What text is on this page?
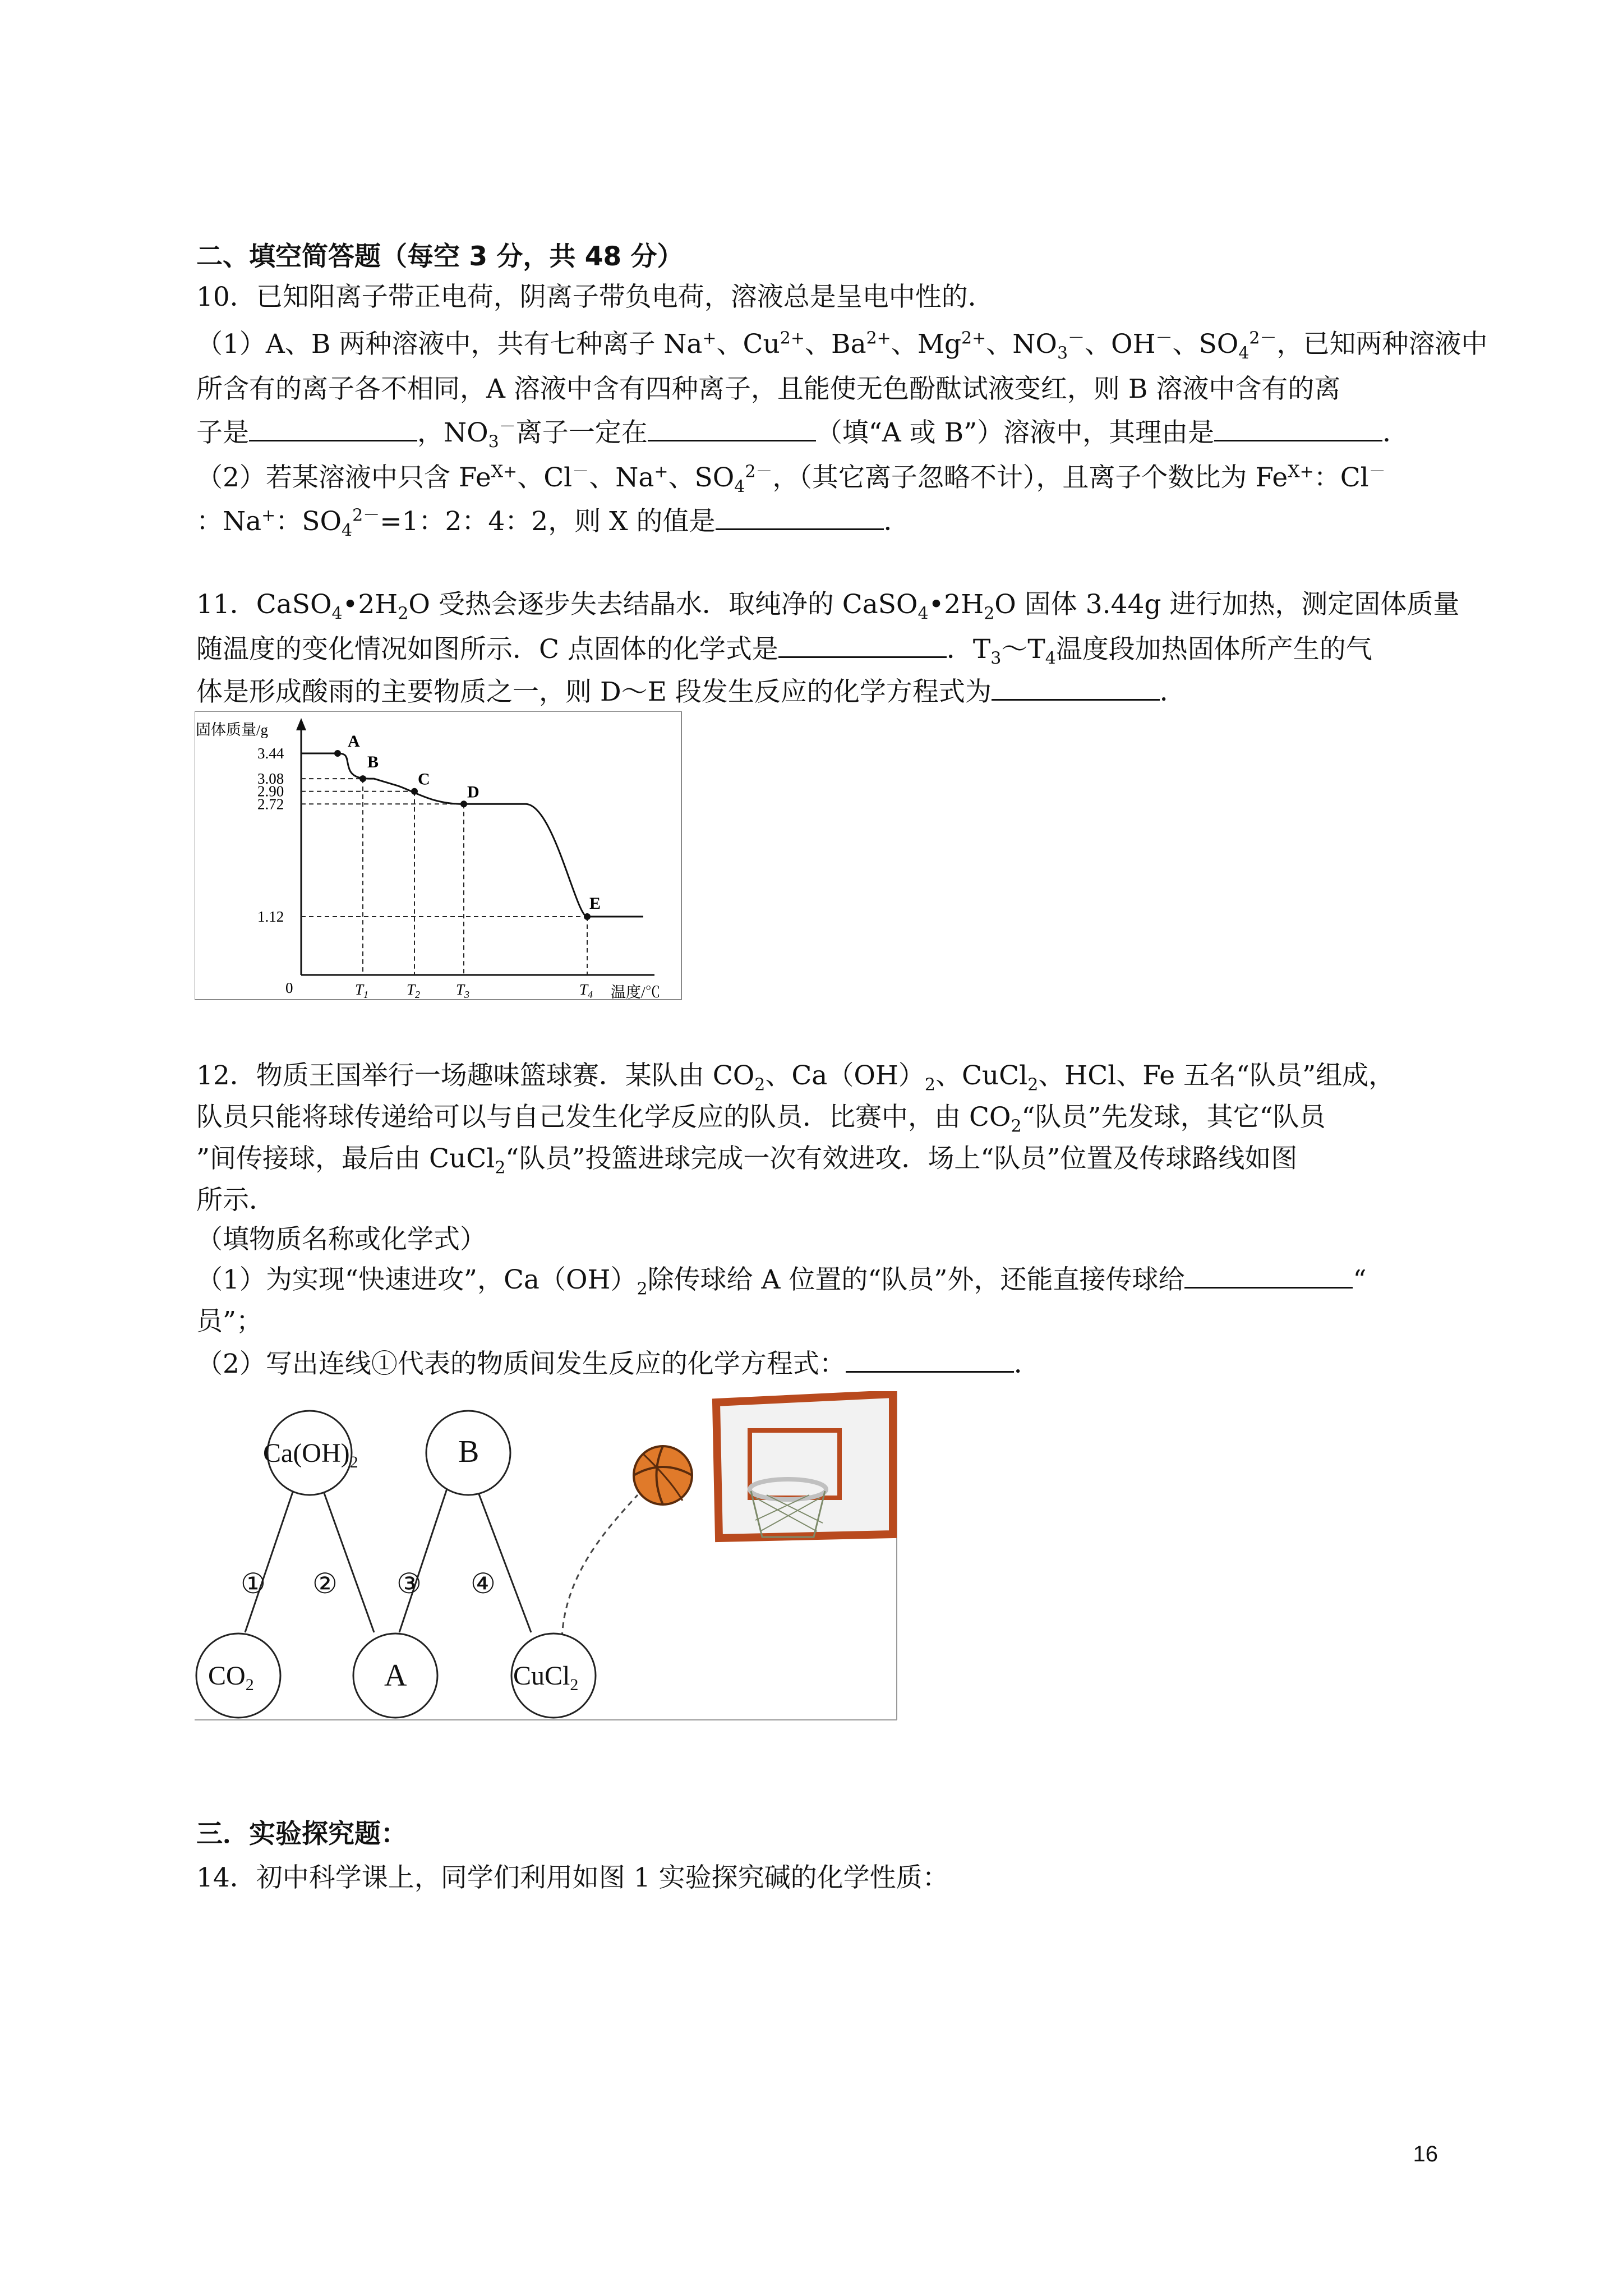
二、填空简答题（每空 3 分，共 48 分）
10．已知阳离子带正电荷，阴离子带负电荷，溶液总是呈电中性的．
（1）A、B 两种溶液中，共有七种离子 Na+、$Cu^{2+}$、$Ba^{2+}$、$Mg^{2+}$、$NO_3^-$、OH－、$SO_4^{2-}$，已知两种溶液中
所含有的离子各不相同，A 溶液中含有四种离子，且能使无色酚酞试液变红，则 B 溶液中含有的离
子是	，$NO_3^-$离子一定在	（填“A 或 B”）溶液中，其理由是	．
（2）若某溶液中只含 $Fe^{X+}$、Cl－、Na+、$SO_4^{2-}$，（其它离子忽略不计），且离子个数比为 $Fe^{X+}$：Cl－
：Na+：$SO_4^{2-}=1$：2：4：2，则 X 的值是	．
11．$CaSO_4•2H_2O$ 受热会逐步失去结晶水．取纯净的 $CaSO_4•2H_2O$ 固体 3.44g 进行加热，测定固体质量
随温度的变化情况如图所示．C 点固体的化学式是	．$T_3\sim T_4$温度段加热固体所产生的气
体是形成酸雨的主要物质之一，则 D～E 段发生反应的化学方程式为	．
固体质量/g
温度/℃
0
3.44
3.08
2.90
2.72
1.12
A
B
C
D
E
$T_1$	$T_2$ $T_3$	$T_4$
12．物质王国举行一场趣味篮球赛．某队由 $CO_2$、$Ca(OH)_2$、CuCl$_2$、HCl、Fe 五名“队员”组成，
队员只能将球传递给可以与自己发生化学反应的队员．比赛中，由 $CO_2“$队员”先发球，其它“队员
”间传接球，最后由 CuCl$_2$“队员”投篮进球完成一次有效进攻．场上“队员”位置及传球路线如图
所示．
（填物质名称或化学式）
（1）为实现“快速进攻”，$Ca(OH)_2$除传球给 A 位置的“队员”外，还能直接传球给	“
员”；
（2）写出连线①代表的物质间发生反应的化学方程式：	．
$Ca(OH)_2$	B
$CO_2$	A	CuCl$_2$
① ② ③ ④
三．实验探究题：
14．初中科学课上，同学们利用如图 1 实验探究碱的化学性质：
16
